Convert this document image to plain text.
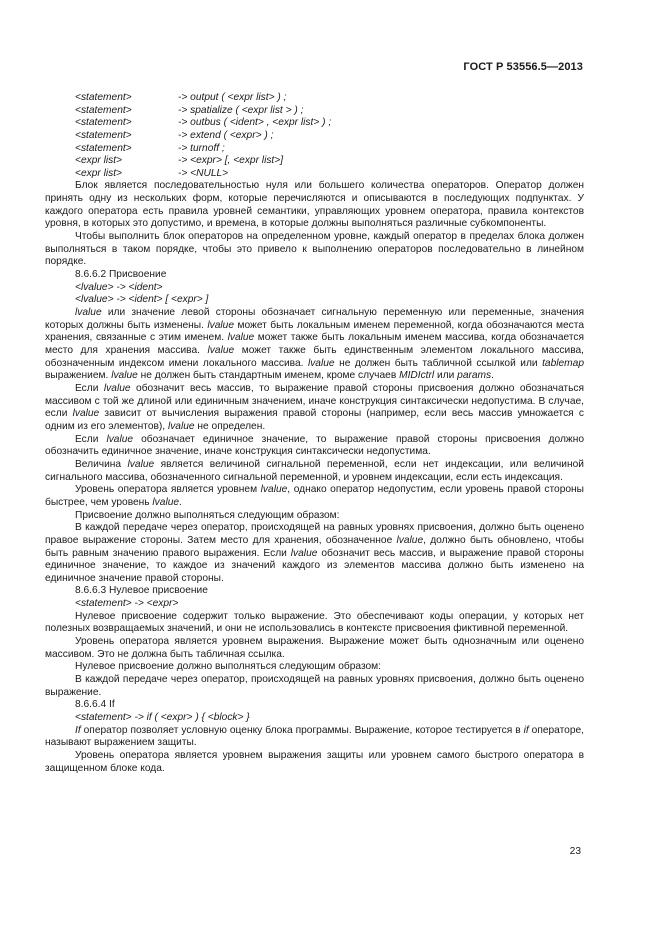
ГОСТ Р 53556.5—2013
<statement>	-> output ( <expr list> ) ;
<statement>	-> spatialize ( <expr list > ) ;
<statement>	-> outbus ( <ident> , <expr list> ) ;
<statement>	-> extend ( <expr> ) ;
<statement>	-> turnoff ;
<expr list>	-> <expr> [, <expr list>]
<expr list>	-> <NULL>

Блок является последовательностью нуля или большего количества операторов. Оператор должен принять одну из нескольких форм, которые перечисляются и описываются в последующих подпунктах. У каждого оператора есть правила уровней семантики, управляющих уровнем оператора, правила контекстов уровня, в которых это допустимо, и времена, в которые должны выполняться различные субкомпоненты.

Чтобы выполнить блок операторов на определенном уровне, каждый оператор в пределах блока должен выполняться в таком порядке, чтобы это привело к выполнению операторов последовательно в линейном порядке.

8.6.6.2 Присвоение
<lvalue> -> <ident>
<lvalue> -> <ident> [ <expr> ]

lvalue или значение левой стороны обозначает сигнальную переменную или переменные, значения которых должны быть изменены. lvalue может быть локальным именем переменной, когда обозначаются места хранения, связанные с этим именем. lvalue может также быть локальным именем массива, когда обозначается место для хранения массива. lvalue может также быть единственным элементом локального массива, обозначенным индексом имени локального массива. lvalue не должен быть табличной ссылкой или tablemap выражением. lvalue не должен быть стандартным именем, кроме случаев MIDIctrl или params.

Если lvalue обозначит весь массив, то выражение правой стороны присвоения должно обозначаться массивом с той же длиной или единичным значением, иначе конструкция синтаксически недопустима. В случае, если lvalue зависит от вычисления выражения правой стороны (например, если весь массив умножается с одним из его элементов), lvalue не определен.

Если lvalue обозначает единичное значение, то выражение правой стороны присвоения должно обозначить единичное значение, иначе конструкция синтаксически недопустима.

Величина lvalue является величиной сигнальной переменной, если нет индексации, или величиной сигнального массива, обозначенного сигнальной переменной, и уровнем индексации, если есть индексация.

Уровень оператора является уровнем lvalue, однако оператор недопустим, если уровень правой стороны быстрее, чем уровень lvalue.

Присвоение должно выполняться следующим образом:

В каждой передаче через оператор, происходящей на равных уровнях присвоения, должно быть оценено правое выражение стороны. Затем место для хранения, обозначенное lvalue, должно быть обновлено, чтобы быть равным значению правого выражения. Если lvalue обозначит весь массив, и выражение правой стороны единичное значение, то каждое из значений каждого из элементов массива должно быть изменено на единичное значение правой стороны.

8.6.6.3 Нулевое присвоение
<statement> -> <expr>

Нулевое присвоение содержит только выражение. Это обеспечивают коды операции, у которых нет полезных возвращаемых значений, и они не использовались в контексте присвоения фиктивной переменной.

Уровень оператора является уровнем выражения. Выражение может быть однозначным или оценено массивом. Это не должна быть табличная ссылка.

Нулевое присвоение должно выполняться следующим образом:

В каждой передаче через оператор, происходящей на равных уровнях присвоения, должно быть оценено выражение.

8.6.6.4 If
<statement> -> if ( <expr> ) { <block> }

If оператор позволяет условную оценку блока программы. Выражение, которое тестируется в if операторе, называют выражением защиты.

Уровень оператора является уровнем выражения защиты или уровнем самого быстрого оператора в защищенном блоке кода.

23
